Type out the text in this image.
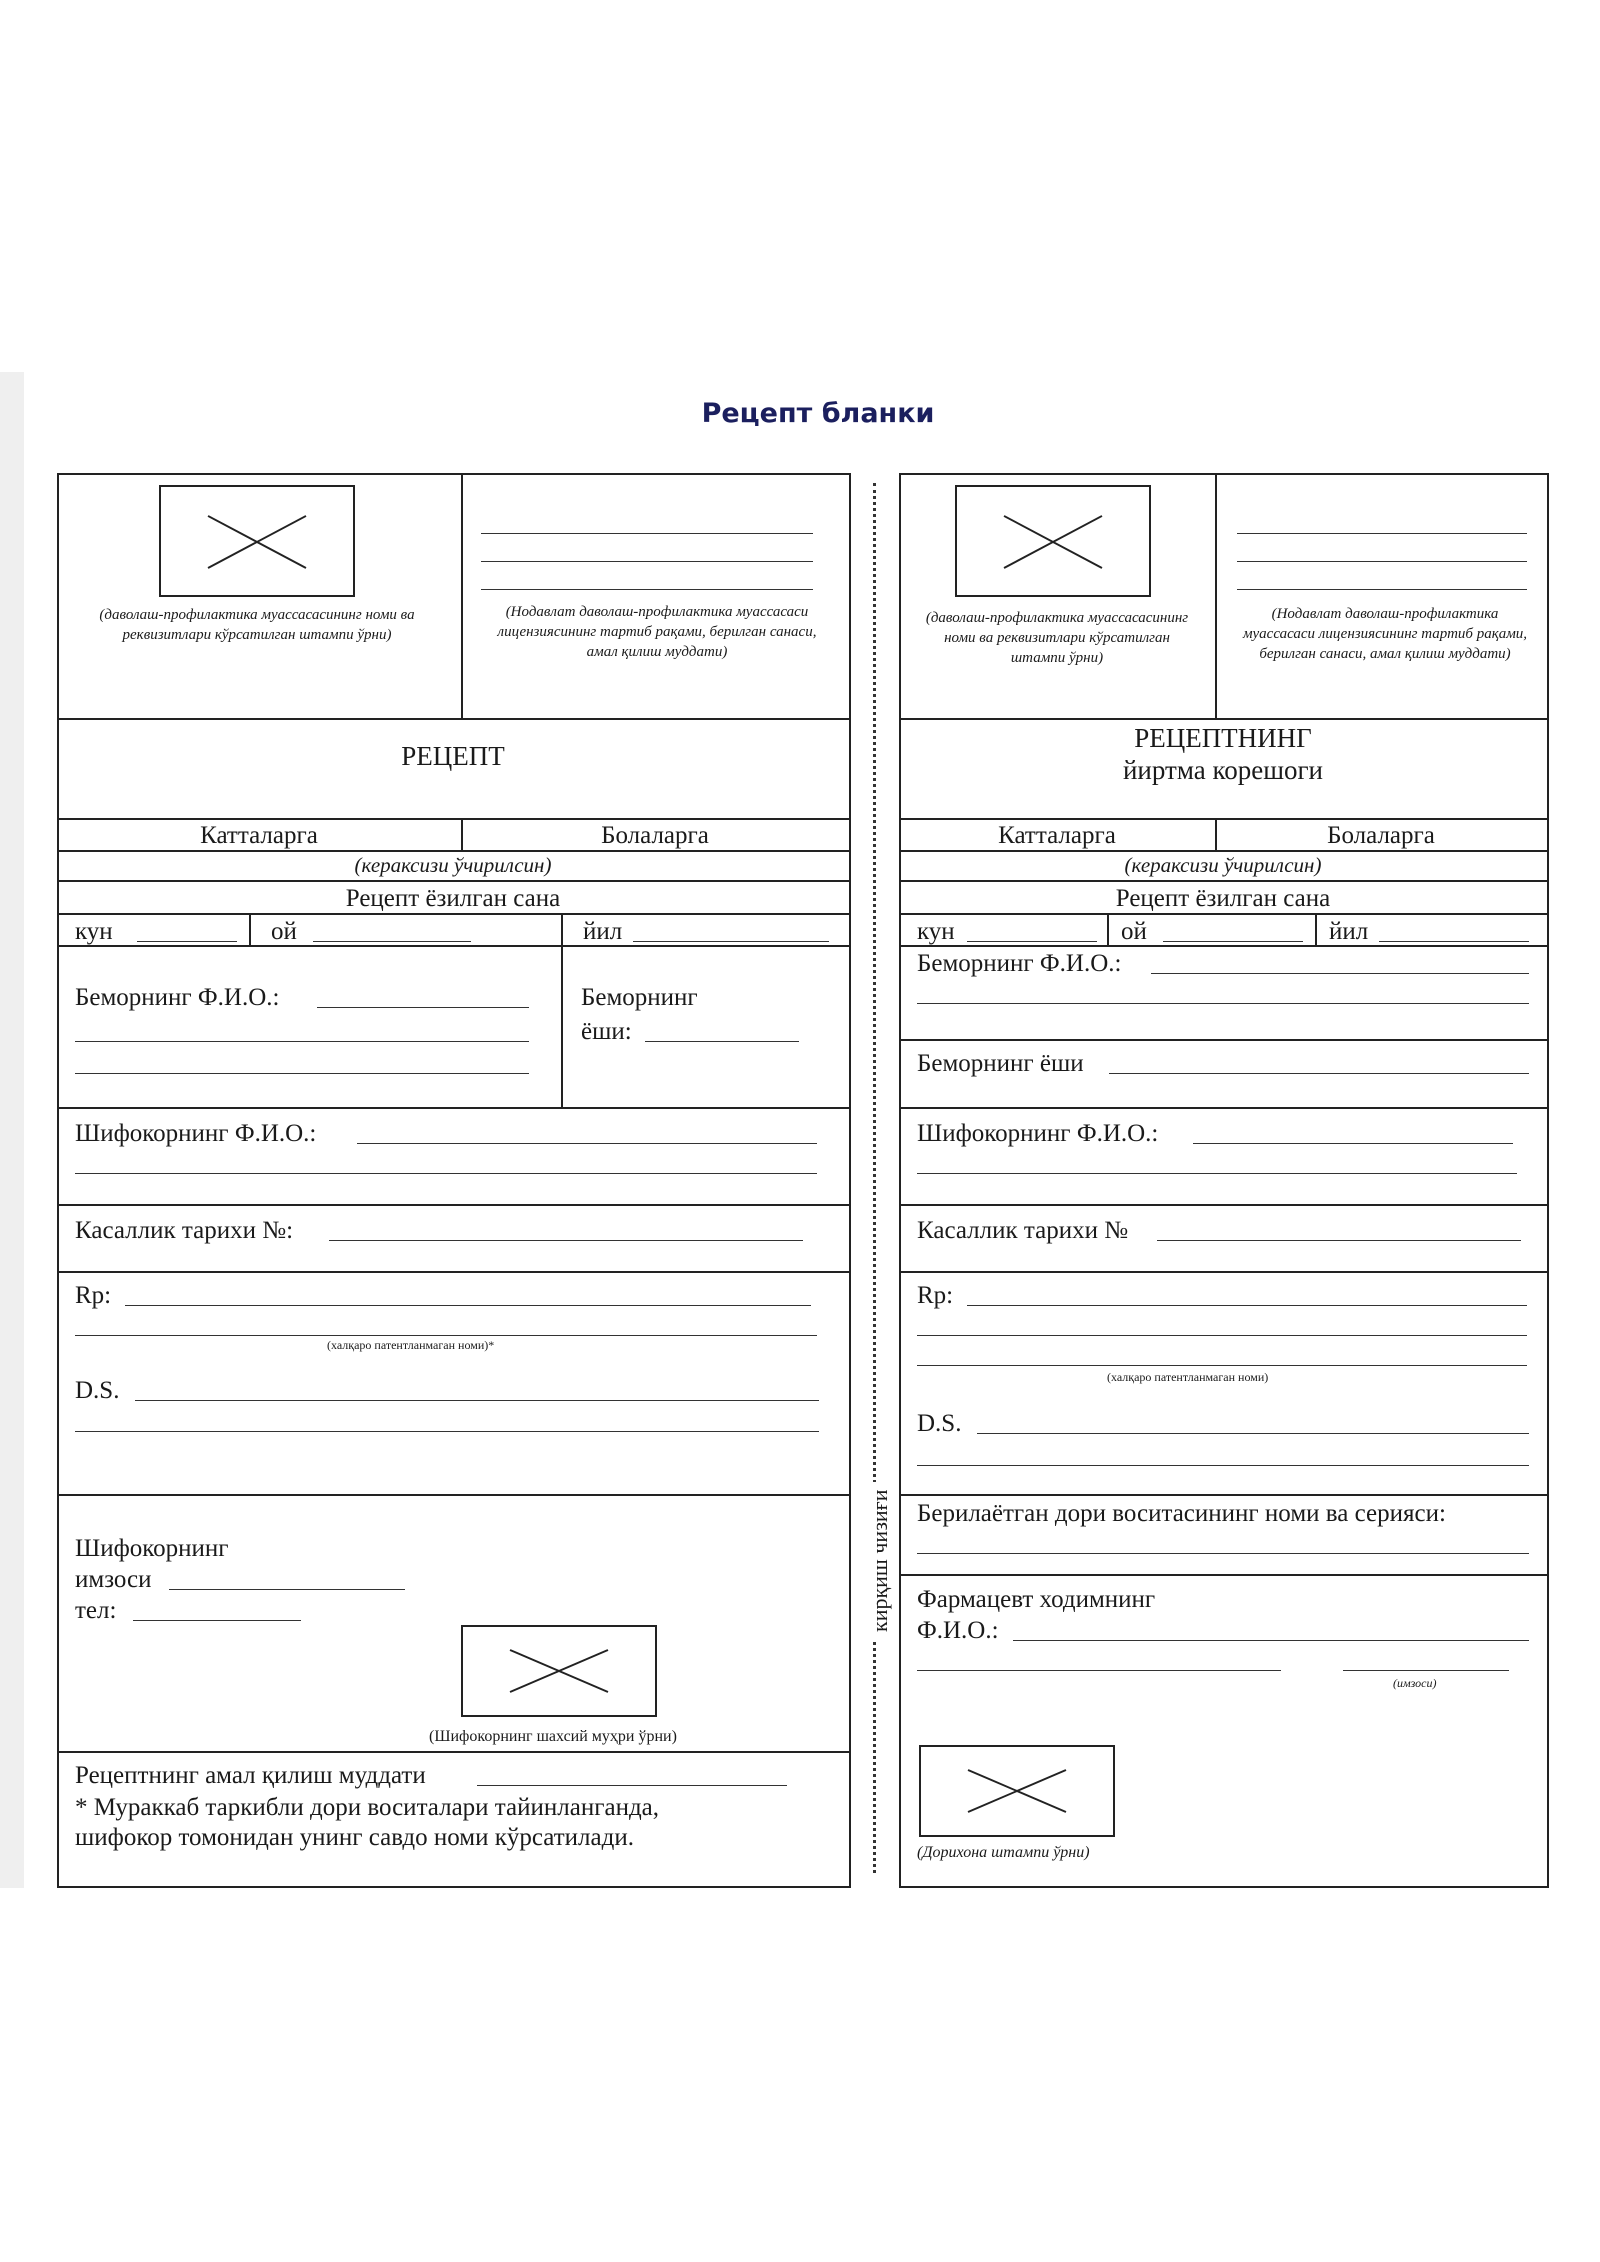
Рецепт бланки
кирқиш чизиғи
(даволаш-профилактика муассасасининг номи ва реквизитлари кўрсатилган штампи ўрни)
(Нодавлат даволаш-профилактика муассасаси лицензиясининг тартиб рақами, берилган санаси, амал қилиш муддати)
РЕЦЕПТ
Катталарга	Болаларга
(кераксизи ўчирилсин)
Рецепт ёзилган сана
кун	ой	йил
Беморнинг Ф.И.О.:	Беморнинг
ёши:
Шифокорнинг Ф.И.О.:
Касаллик тарихи №:
Rp:
(халқаро патентланмаган номи)*
D.S.
Шифокорнинг
имзоси
тел:
(Шифокорнинг шахсий муҳри ўрни)
Рецептнинг амал қилиш муддати
* Мураккаб таркибли дори воситалари тайинланганда,
шифокор томонидан унинг савдо номи кўрсатилади.
(даволаш-профилактика муассасасининг номи ва реквизитлари кўрсатилган штампи ўрни)
(Нодавлат даволаш-профилактика муассасаси лицензиясининг тартиб рақами, берилган санаси, амал қилиш муддати)
РЕЦЕПТНИНГ
йиртма корешоги
Катталарга	Болаларга
(кераксизи ўчирилсин)
Рецепт ёзилган сана
кун	ой	йил
Беморнинг Ф.И.О.:
Беморнинг ёши
Шифокорнинг Ф.И.О.:
Касаллик тарихи №
Rp:
(халқаро патентланмаган номи)
D.S.
Берилаётган дори воситасининг номи ва серияси:
Фармацевт ходимнинг
Ф.И.О.:
(имзоси)
(Дорихона штампи ўрни)
